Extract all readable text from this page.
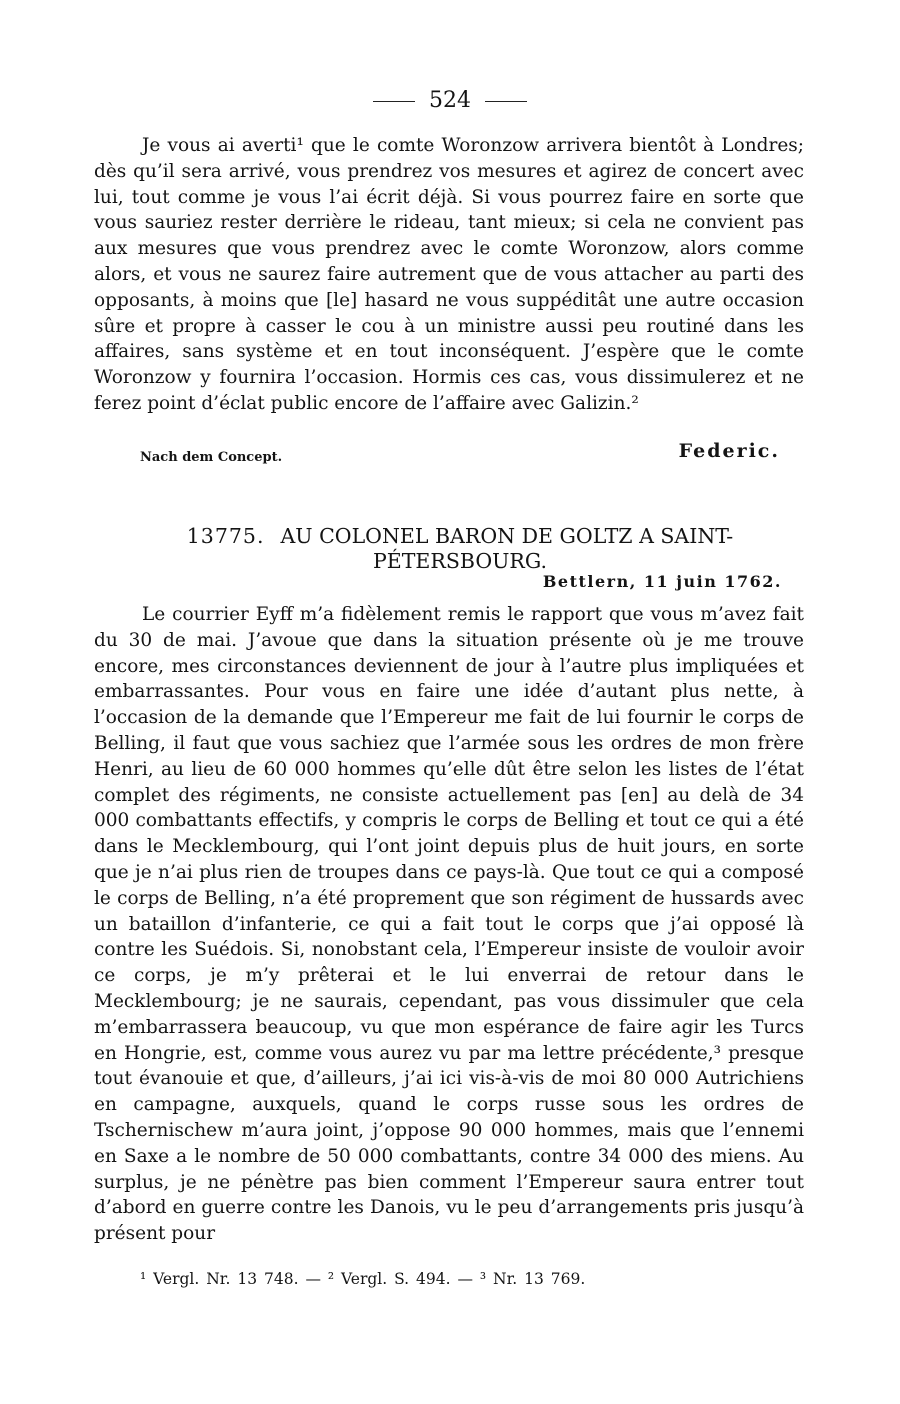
524

Je vous ai averti¹ que le comte Woronzow arrivera bientôt à Londres; dès qu’il sera arrivé, vous prendrez vos mesures et agirez de concert avec lui, tout comme je vous l’ai écrit déjà. Si vous pourrez faire en sorte que vous sauriez rester derrière le rideau, tant mieux; si cela ne convient pas aux mesures que vous prendrez avec le comte Woronzow, alors comme alors, et vous ne saurez faire autrement que de vous attacher au parti des opposants, à moins que [le] hasard ne vous suppéditât une autre occasion sûre et propre à casser le cou à un ministre aussi peu routiné dans les affaires, sans système et en tout inconséquent. J’espère que le comte Woronzow y fournira l’occasion. Hormis ces cas, vous dissimulerez et ne ferez point d’éclat public encore de l’affaire avec Galizin.²

Nach dem Concept.	Federic.
13775. AU COLONEL BARON DE GOLTZ A SAINT-PÉTERSBOURG.
Bettlern, 11 juin 1762.

Le courrier Eyff m’a fidèlement remis le rapport que vous m’avez fait du 30 de mai. J’avoue que dans la situation présente où je me trouve encore, mes circonstances deviennent de jour à l’autre plus impliquées et embarrassantes. Pour vous en faire une idée d’autant plus nette, à l’occasion de la demande que l’Empereur me fait de lui fournir le corps de Belling, il faut que vous sachiez que l’armée sous les ordres de mon frère Henri, au lieu de 60 000 hommes qu’elle dût être selon les listes de l’état complet des régiments, ne consiste actuellement pas [en] au delà de 34 000 combattants effectifs, y compris le corps de Belling et tout ce qui a été dans le Mecklembourg, qui l’ont joint depuis plus de huit jours, en sorte que je n’ai plus rien de troupes dans ce pays-là. Que tout ce qui a composé le corps de Belling, n’a été proprement que son régiment de hussards avec un bataillon d’infanterie, ce qui a fait tout le corps que j’ai opposé là contre les Suédois. Si, nonobstant cela, l’Empereur insiste de vouloir avoir ce corps, je m’y prêterai et le lui enverrai de retour dans le Mecklembourg; je ne saurais, cependant, pas vous dissimuler que cela m’embarrassera beaucoup, vu que mon espérance de faire agir les Turcs en Hongrie, est, comme vous aurez vu par ma lettre précédente,³ presque tout évanouie et que, d’ailleurs, j’ai ici vis-à-vis de moi 80 000 Autrichiens en campagne, auxquels, quand le corps russe sous les ordres de Tschernischew m’aura joint, j’oppose 90 000 hommes, mais que l’ennemi en Saxe a le nombre de 50 000 combattants, contre 34 000 des miens. Au surplus, je ne pénètre pas bien comment l’Empereur saura entrer tout d’abord en guerre contre les Danois, vu le peu d’arrangements pris jusqu’à présent pour

¹ Vergl. Nr. 13 748. — ² Vergl. S. 494. — ³ Nr. 13 769.
